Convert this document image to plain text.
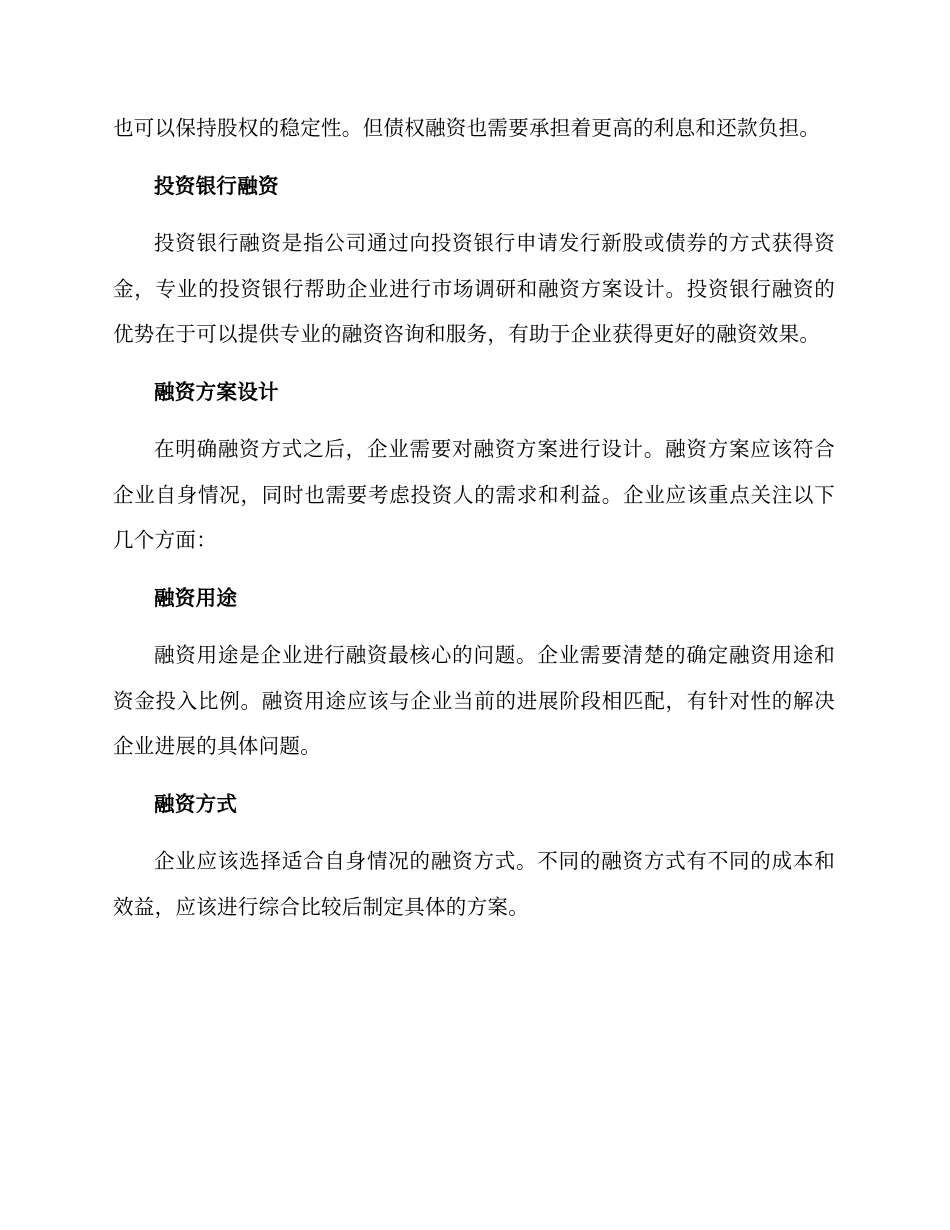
也可以保持股权的稳定性。但债权融资也需要承担着更高的利息和还款负担。

投资银行融资

投资银行融资是指公司通过向投资银行申请发行新股或债券的方式获得资金，专业的投资银行帮助企业进行市场调研和融资方案设计。投资银行融资的优势在于可以提供专业的融资咨询和服务，有助于企业获得更好的融资效果。

融资方案设计

在明确融资方式之后，企业需要对融资方案进行设计。融资方案应该符合企业自身情况，同时也需要考虑投资人的需求和利益。企业应该重点关注以下几个方面：

融资用途

融资用途是企业进行融资最核心的问题。企业需要清楚的确定融资用途和资金投入比例。融资用途应该与企业当前的进展阶段相匹配，有针对性的解决企业进展的具体问题。

融资方式

企业应该选择适合自身情况的融资方式。不同的融资方式有不同的成本和效益，应该进行综合比较后制定具体的方案。
